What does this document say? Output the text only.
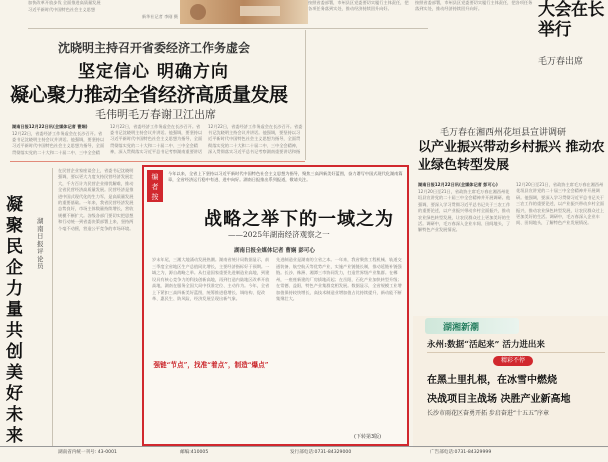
加快改革开放步伐 全面推进高质量发展
习近平新时代中国特色社会主义思想
新华社记者 李刚 摄
沈晓明主持召开省委经济工作务虚会
坚定信心 明确方向
凝心聚力推动全省经济高质量发展
毛伟明毛万春谢卫江出席
湖南日报12月22日讯(全媒体记者 曹娴)
12月22日，省委经济工作务虚会在长沙召开。省委书记沈晓明主持会议并讲话。他强调，要坚持以习近平新时代中国特色社会主义思想为指导，全面贯彻落实党的二十大和二十届二中、三中全会精
12月22日，省委经济工作务虚会在长沙召开。省委书记沈晓明主持会议并讲话。他强调，要坚持以习近平新时代中国特色社会主义思想为指导，全面贯彻落实党的二十大和二十届二中、三中全会精神，深入贯彻落实习近平总书记考察湖南重要讲话
12月22日，省委经济工作务虚会在长沙召开。省委书记沈晓明主持会议并讲话。他强调，要坚持以习近平新时代中国特色社会主义思想为指导，全面贯彻落实党的二十大和二十届二中、三中全会精神，深入贯彻落实习近平总书记考察湖南重要讲话和指
在民营企业家座谈会上，省委书记沈晓明强调，要以更大力度支持民营经济发展壮大，千方百计为民营企业排忧解难，推动全省民营经济高质量发展。民营经济是推进中国式现代化的生力军，是高质量发展的重要基础。一年来，我省民营经济发展态势良好，市场主体数量持续增长，营收规模不断扩大。各级各部门要切实把思想和行动统一到省委决策部署上来，坚持两个毫不动摇，营造公平竞争的市场环境。
凝聚民企力量 共创美好未来
湖南日报评论员
编者按
今年以来，全省上下坚持以习近平新时代中国特色社会主义思想为指导，聚焦三高四新美好蓝图，奋力谱写中国式现代化湖南篇章，全省经济运行稳中有进、进中向好。湖南日报推出系列报道，敬请关注。
战略之举下的一域之为
——2025年湖南经济观察之一
湖南日报全媒体记者 曹娴 彭可心
岁末年尾，三湘大地涌动发展热潮。湖南省统计局数据显示，前三季度全省地区生产总值同比增长，主要经济指标好于预期。一域之为，源自战略之举。从打造国家重要先进制造业高地，到建设具有核心竞争力的科技创新高地，再到打造内陆地区改革开放高地，湖南在服务全国大局中找准定位、主动作为。今年，全省上下紧扣三高四新美好蓝图，统筹推进稳增长、调结构、促改革、惠民生、防风险，经济发展呈现出新气象。
强链“节点”，找准“着点”，制造“爆点”
先进制造业是湖南的立省之本。一年来，我省聚焦工程机械、轨道交通装备、航空航天等优势产业，实施产业链链长制，推动延链补链强链。长沙、株洲、湘潭三市协同发力，打造世界级产业集群。在郴州，一座座新建的厂房拔地而起；在岳阳，石化产业加快转型升级；在常德、益阳，特色产业集群竞相发展。数据显示，全省规模工业增加值保持较快增长，高技术制造业增加值占比持续提升，新动能不断集聚壮大。
(下转第3版)
按照省委部署，市州县区党委要切实履行主体责任，把各项任务落到实处，推动经济持续回升向好。
按照省委部署，市州县区党委要切实履行主体责任，把各项任务落到实处，推动经济持续回升向好。	大会在长举行
毛万春出席
毛万春在湘西州花垣县宣讲调研
以产业振兴带动乡村振兴 推动农业绿色转型发展
湖南日报12月22日讯(全媒体记者 彭可心)
12月20日至21日，省政协主席毛万春在湘西州花垣县宣讲党的二十届三中全会精神并开展调研。他强调，要深入学习贯彻习近平总书记关于三农工作的重要论述，以产业振兴带动乡村全面振兴，推动农业绿色转型发展，让农民群众过上更加美好的生活。调研中，毛万春深入企业车间、田间地头，了解特色产业发展情况。
12月20日至21日，省政协主席毛万春在湘西州花垣县宣讲党的二十届三中全会精神并开展调研。他强调，要深入学习贯彻习近平总书记关于三农工作的重要论述，以产业振兴带动乡村全面振兴，推动农业绿色转型发展，让农民群众过上更加美好的生活。调研中，毛万春深入企业车间、田间地头，了解特色产业发展情况。
湖湘新潮
永州:数据“活起来” 活力进出来
精彩不停
在黑土里扎根，在冰雪中燃烧
决战项目主战场 决胜产业新高地
长沙市雨花区奋勇开拓 步启奋进“十五五”序章
湖南省内统一刊号: 43-0001	邮编:410005	发行部电话:0731-84329000	广告部电话:0731-84329999
